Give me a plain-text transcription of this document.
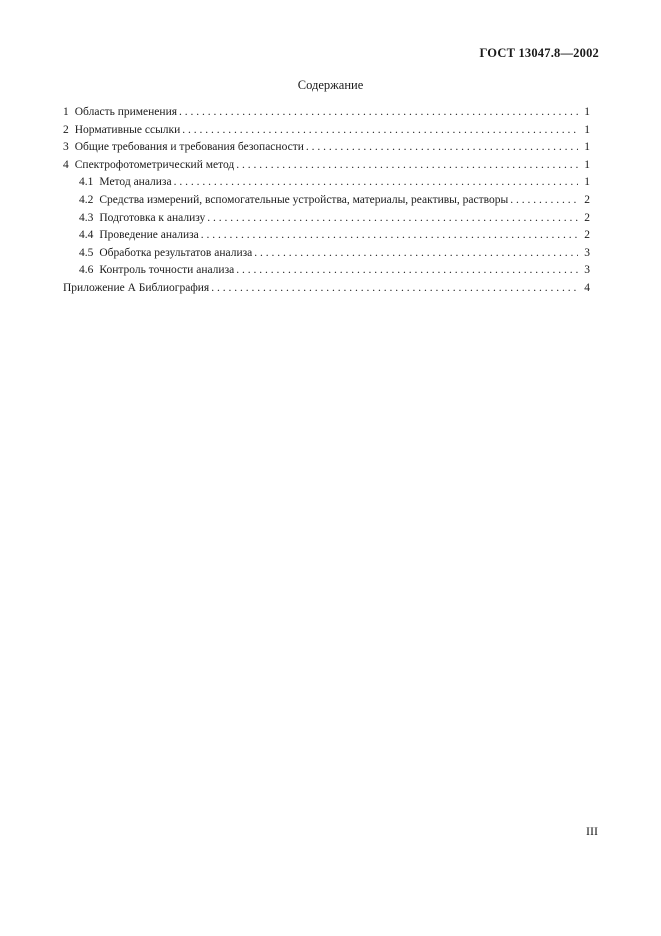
ГОСТ 13047.8—2002
Содержание
1 Область применения . . .	1
2 Нормативные ссылки . . .	1
3 Общие требования и требования безопасности . . .	1
4 Спектрофотометрический метод . . .	1
4.1 Метод анализа . . .	1
4.2 Средства измерений, вспомогательные устройства, материалы, реактивы, растворы . . .	2
4.3 Подготовка к анализу . . .	2
4.4 Проведение анализа . . .	2
4.5 Обработка результатов анализа . . .	3
4.6 Контроль точности анализа . . .	3
Приложение А Библиография . . .	4
III
